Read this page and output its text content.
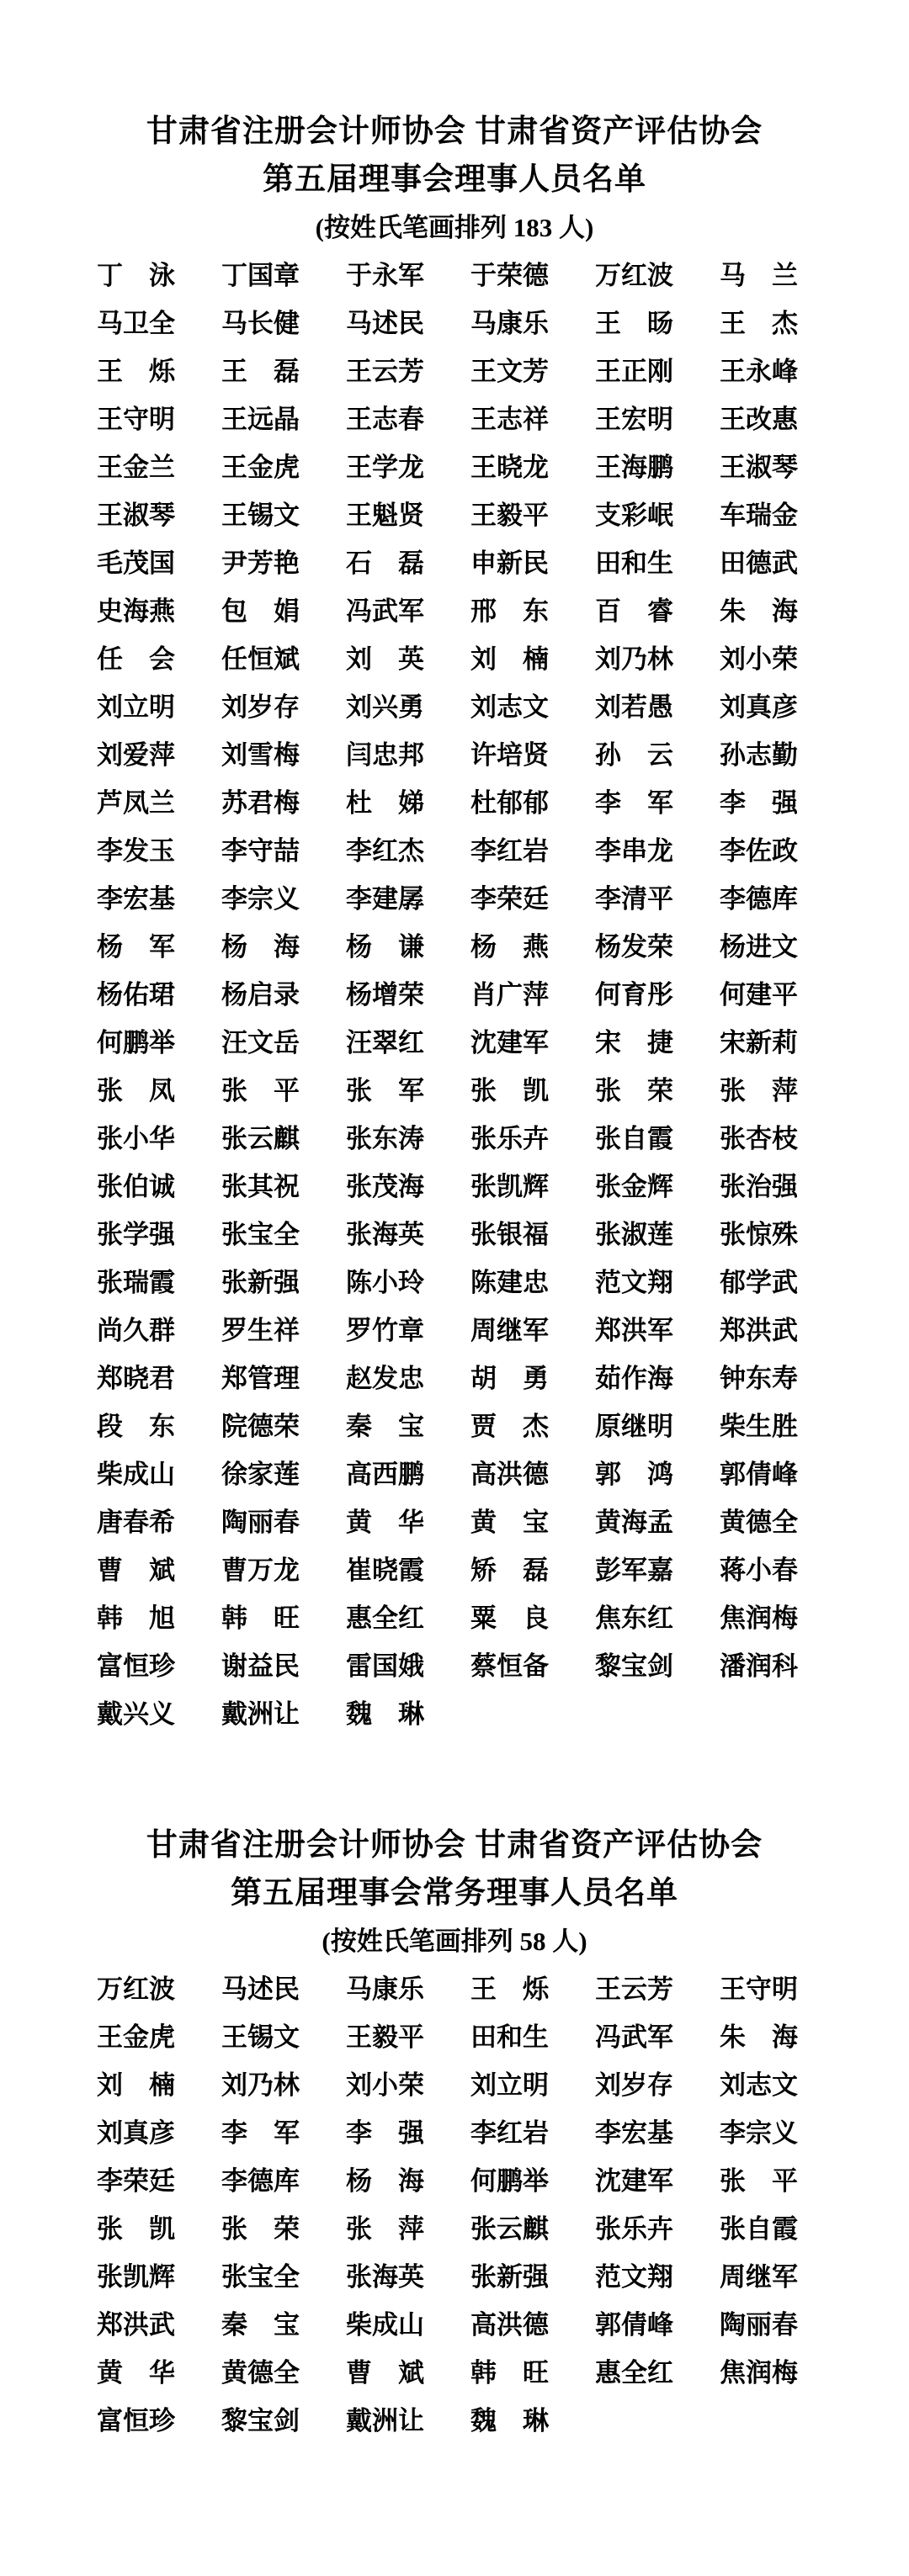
甘肃省注册会计师协会 甘肃省资产评估协会
第五届理事会理事人员名单
(按姓氏笔画排列 183 人)
丁 泳 丁 国 章 于 永 军 于 荣 德 万 红 波 马 兰
马 卫 全 马 长 健 马 述 民 马 康 乐 王 旸 王 杰
王 烁 王 磊 王 云 芳 王 文 芳 王 正 刚 王 永 峰
王 守 明 王 远 晶 王 志 春 王 志 祥 王 宏 明 王 改 惠
王 金 兰 王 金 虎 王 学 龙 王 晓 龙 王 海 鹏 王 淑 琴
王 淑 琴 王 锡 文 王 魁 贤 王 毅 平 支 彩 岷 车 瑞 金
毛 茂 国 尹 芳 艳 石 磊 申 新 民 田 和 生 田 德 武
史 海 燕 包 娟 冯 武 军 邢 东 百 睿 朱 海
任 会 任 恒 斌 刘 英 刘 楠 刘 乃 林 刘 小 荣
刘 立 明 刘 岁 存 刘 兴 勇 刘 志 文 刘 若 愚 刘 真 彦
刘 爱 萍 刘 雪 梅 闫 忠 邦 许 培 贤 孙 云 孙 志 勤
芦 凤 兰 苏 君 梅 杜 娣 杜 郁 郁 李 军 李 强
李 发 玉 李 守 喆 李 红 杰 李 红 岩 李 串 龙 李 佐 政
李 宏 基 李 宗 义 李 建 孱 李 荣 廷 李 清 平 李 德 库
杨 军 杨 海 杨 谦 杨 燕 杨 发 荣 杨 进 文
杨 佑 珺 杨 启 录 杨 增 荣 肖 广 萍 何 育 彤 何 建 平
何 鹏 举 汪 文 岳 汪 翠 红 沈 建 军 宋 捷 宋 新 莉
张 凤 张 平 张 军 张 凯 张 荣 张 萍
张 小 华 张 云 麒 张 东 涛 张 乐 卉 张 自 霞 张 杏 枝
张 伯 诚 张 其 祝 张 茂 海 张 凯 辉 张 金 辉 张 治 强
张 学 强 张 宝 全 张 海 英 张 银 福 张 淑 莲 张 惊 殊
张 瑞 霞 张 新 强 陈 小 玲 陈 建 忠 范 文 翔 郁 学 武
尚 久 群 罗 生 祥 罗 竹 章 周 继 军 郑 洪 军 郑 洪 武
郑 晓 君 郑 管 理 赵 发 忠 胡 勇 茹 作 海 钟 东 寿
段 东 院 德 荣 秦 宝 贾 杰 原 继 明 柴 生 胜
柴 成 山 徐 家 莲 高 西 鹏 高 洪 德 郭 鸿 郭 倩 峰
唐 春 希 陶 丽 春 黄 华 黄 宝 黄 海 孟 黄 德 全
曹 斌 曹 万 龙 崔 晓 霞 矫 磊 彭 军 嘉 蒋 小 春
韩 旭 韩 旺 惠 全 红 粟 良 焦 东 红 焦 润 梅
富 恒 珍 谢 益 民 雷 国 娥 蔡 恒 备 黎 宝 剑 潘 润 科
戴 兴 义 戴 洲 让 魏 琳
甘肃省注册会计师协会 甘肃省资产评估协会
第五届理事会常务理事人员名单
(按姓氏笔画排列 58 人)
万 红 波 马 述 民 马 康 乐 王 烁 王 云 芳 王 守 明
王 金 虎 王 锡 文 王 毅 平 田 和 生 冯 武 军 朱 海
刘 楠 刘 乃 林 刘 小 荣 刘 立 明 刘 岁 存 刘 志 文
刘 真 彦 李 军 李 强 李 红 岩 李 宏 基 李 宗 义
李 荣 廷 李 德 库 杨 海 何 鹏 举 沈 建 军 张 平
张 凯 张 荣 张 萍 张 云 麒 张 乐 卉 张 自 霞
张 凯 辉 张 宝 全 张 海 英 张 新 强 范 文 翔 周 继 军
郑 洪 武 秦 宝 柴 成 山 高 洪 德 郭 倩 峰 陶 丽 春
黄 华 黄 德 全 曹 斌 韩 旺 惠 全 红 焦 润 梅
富 恒 珍 黎 宝 剑 戴 洲 让 魏 琳
